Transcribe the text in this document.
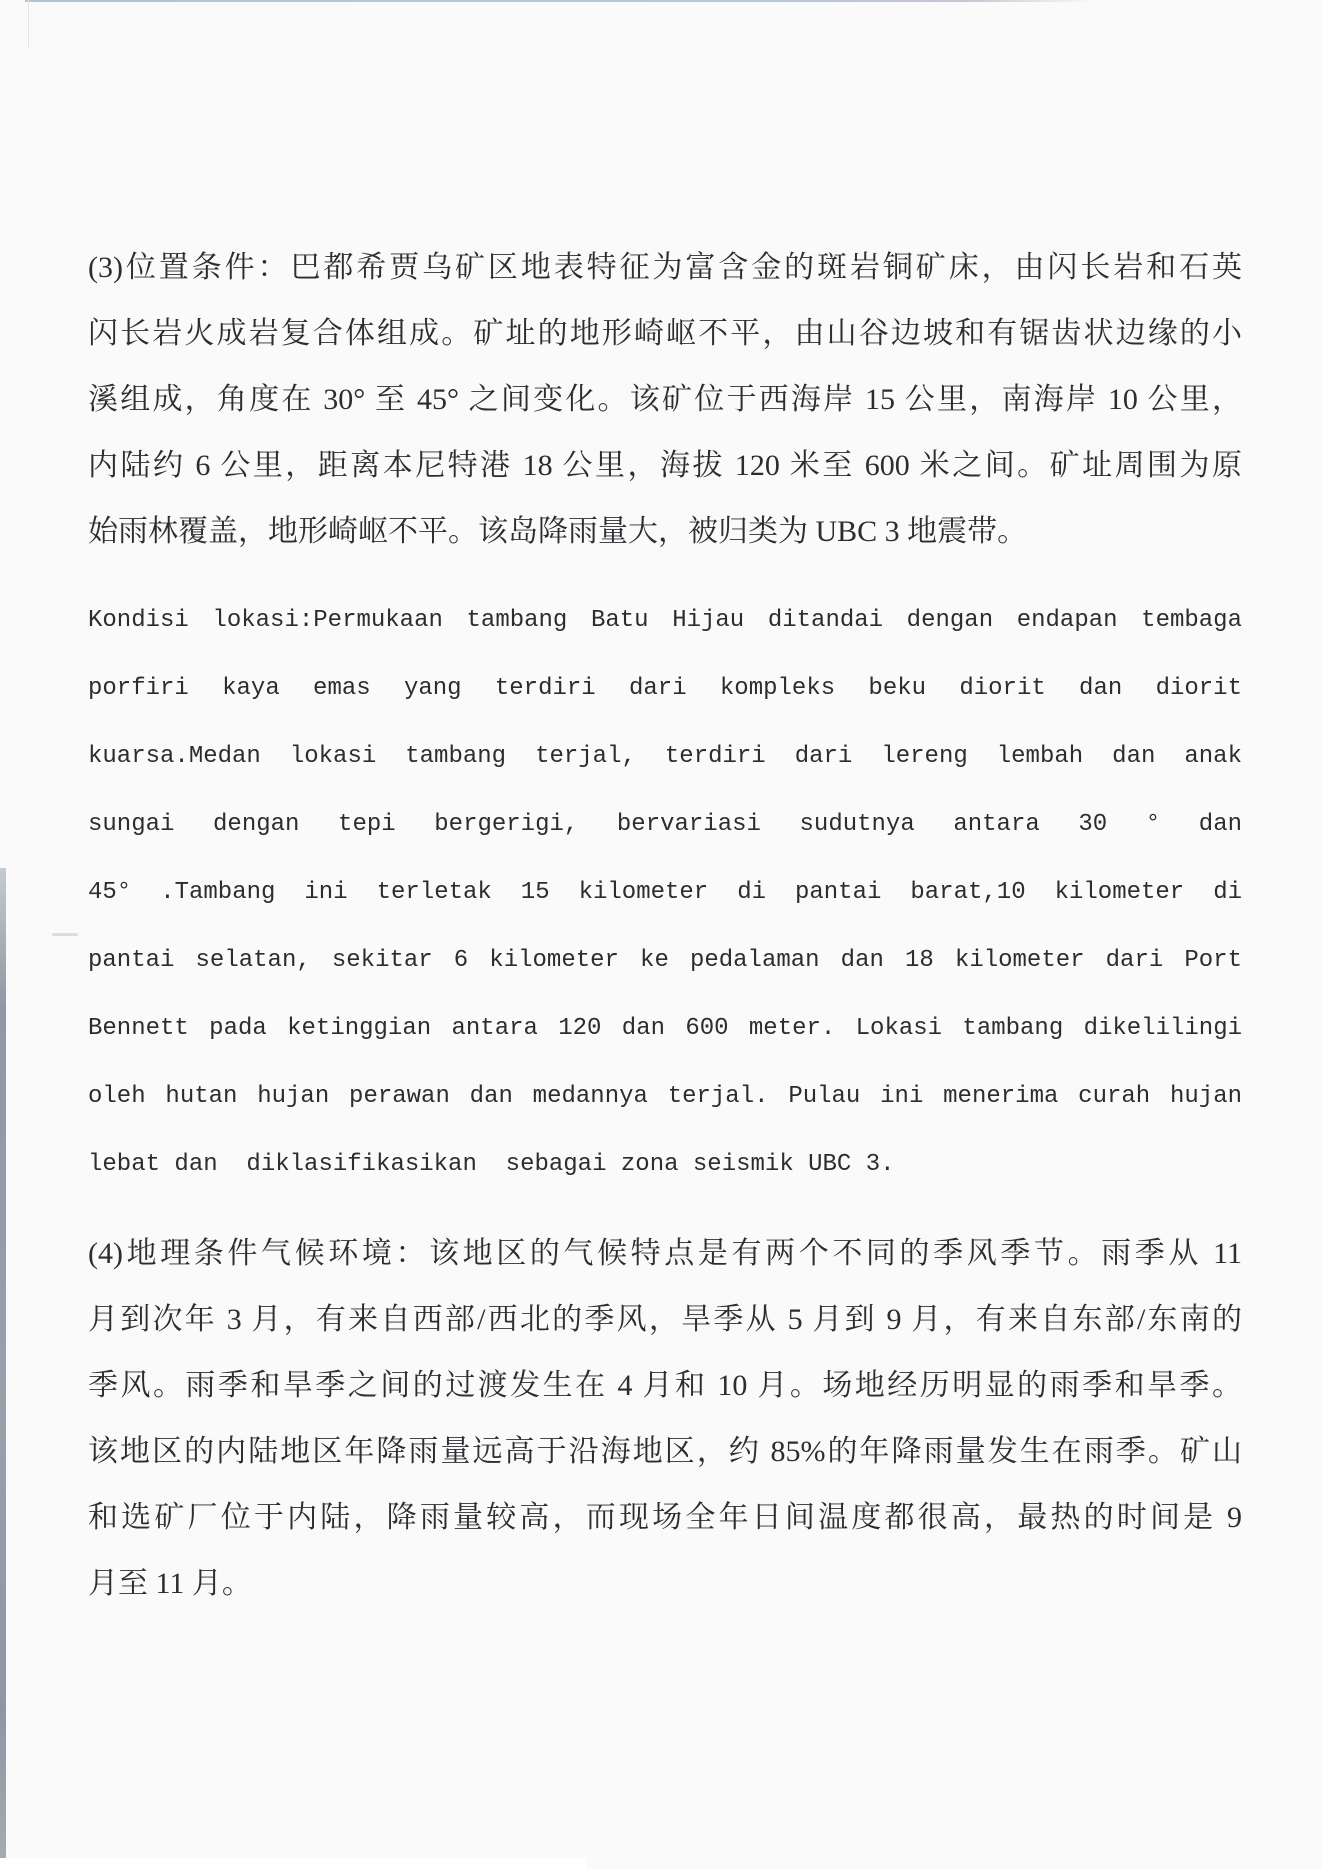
(3)位置条件：巴都希贾乌矿区地表特征为富含金的斑岩铜矿床，由闪长岩和石英
闪长岩火成岩复合体组成。矿址的地形崎岖不平，由山谷边坡和有锯齿状边缘的小
溪组成，角度在 30° 至 45° 之间变化。该矿位于西海岸 15 公里，南海岸 10 公里，
内陆约 6 公里，距离本尼特港 18 公里，海拔 120 米至 600 米之间。矿址周围为原
始雨林覆盖，地形崎岖不平。该岛降雨量大，被归类为 UBC 3 地震带。
Kondisi lokasi:Permukaan tambang Batu Hijau ditandai dengan endapan tembaga
porfiri kaya emas yang terdiri dari kompleks beku diorit dan diorit
kuarsa.Medan lokasi tambang terjal, terdiri dari lereng lembah dan anak
sungai dengan tepi bergerigi, bervariasi sudutnya antara 30 ° dan
45° .Tambang ini terletak 15 kilometer di pantai barat,10 kilometer di
pantai selatan, sekitar 6 kilometer ke pedalaman dan 18 kilometer dari Port
Bennett pada ketinggian antara 120 dan 600 meter. Lokasi tambang dikelilingi
oleh hutan hujan perawan dan medannya terjal. Pulau ini menerima curah hujan
lebat dan  diklasifikasikan  sebagai zona seismik UBC 3.
(4)地理条件气候环境：该地区的气候特点是有两个不同的季风季节。雨季从 11
月到次年 3 月，有来自西部/西北的季风，旱季从 5 月到 9 月，有来自东部/东南的
季风。雨季和旱季之间的过渡发生在 4 月和 10 月。场地经历明显的雨季和旱季。
该地区的内陆地区年降雨量远高于沿海地区，约 85%的年降雨量发生在雨季。矿山
和选矿厂位于内陆，降雨量较高，而现场全年日间温度都很高，最热的时间是 9
月至 11 月。
